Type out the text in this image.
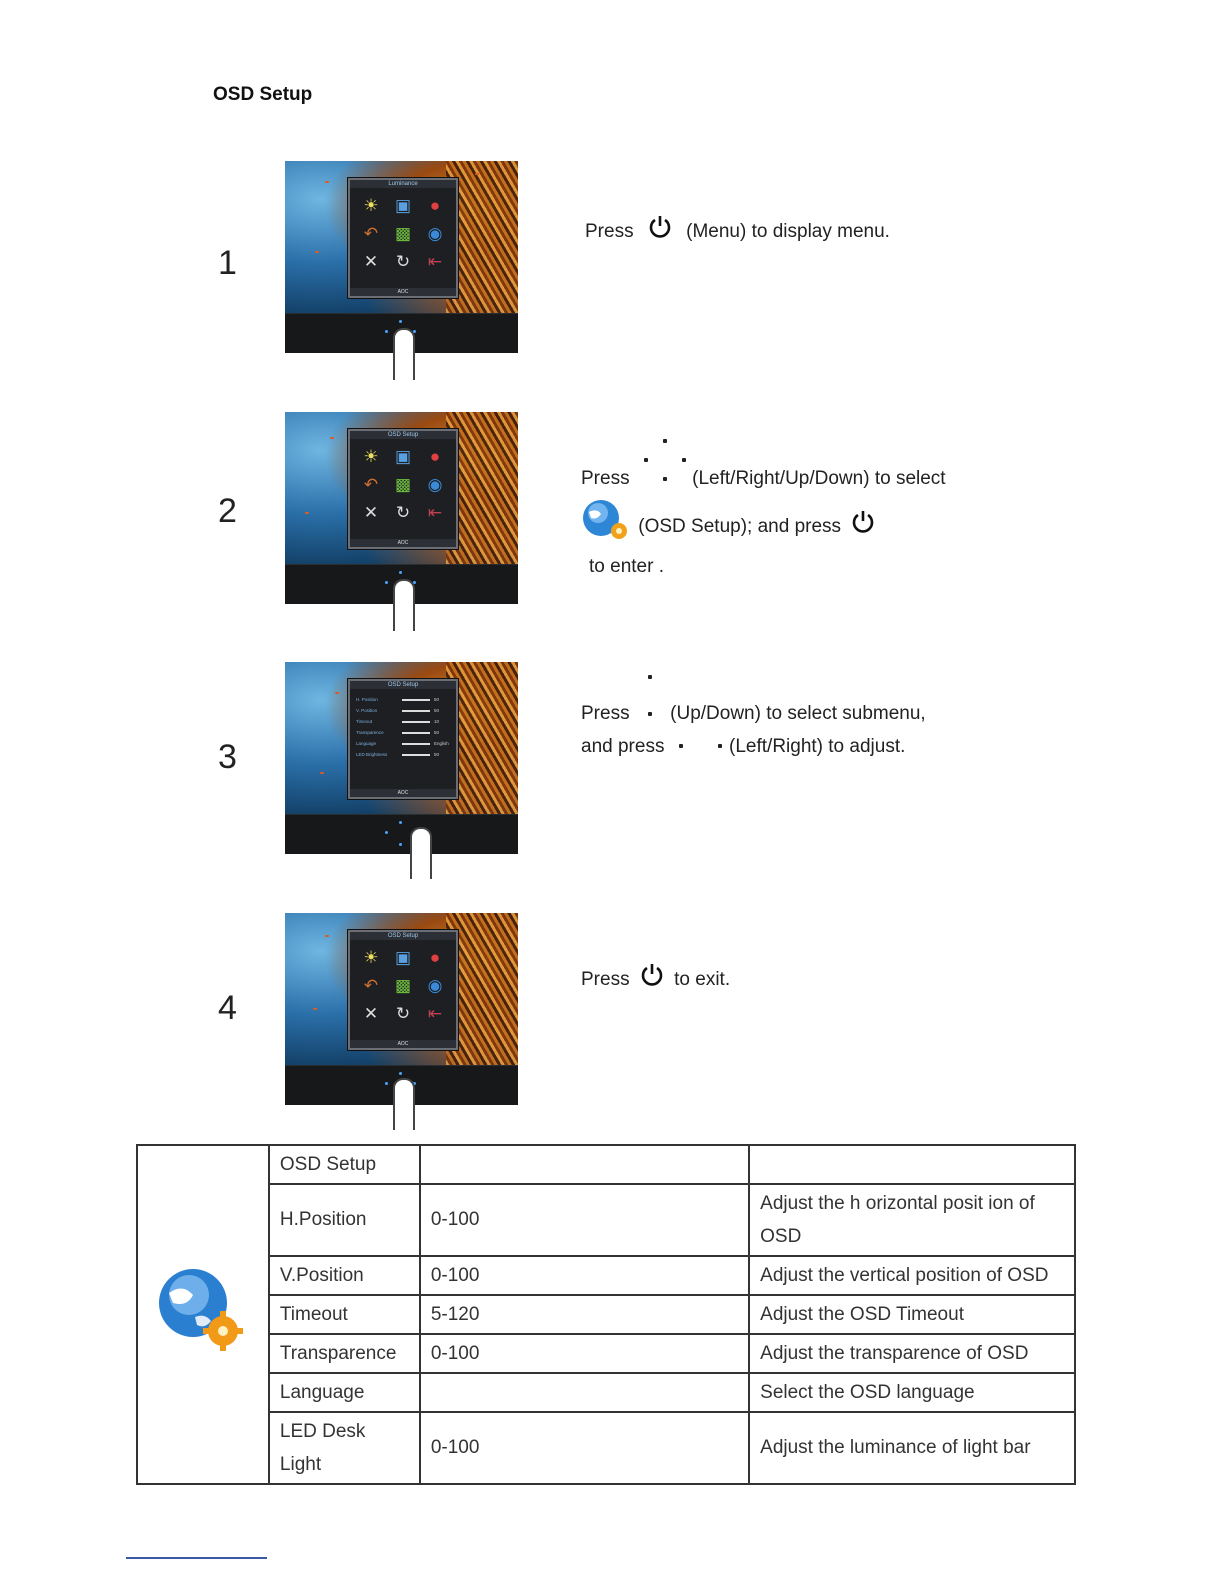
OSD Setup
1
Luminance
☀ ▣	●
↶ ▩ ◉
✕	↻	⇤
AOC
Press	(Menu) to display menu.
2
OSD Setup
☀ ▣	●
↶ ▩ ◉
✕	↻	⇤
AOC
Press	(Left/Right/Up/Down) to select
(OSD Setup); and press
to enter .
3
OSD Setup
H. Position	50
V. Position	50
Timeout	10
Transparence	50
Language	English
LED Brightness	50
AOC
Press (Up/Down) to select submenu,
and press	(Left/Right) to adjust.
4
OSD Setup
☀ ▣	●
↶ ▩ ◉
✕	↻	⇤
AOC
Press to exit.
	OSD Setup		
	H.Position	0-100	Adjust the h orizontal posit ion of OSD
	V.Position	0-100	Adjust the vertical position of OSD
	Timeout	5-120	Adjust the OSD Timeout
	Transparence	0-100	Adjust the transparence of OSD
	Language		Select the OSD language
	LED Desk Light	0-100	Adjust the luminance of light bar
